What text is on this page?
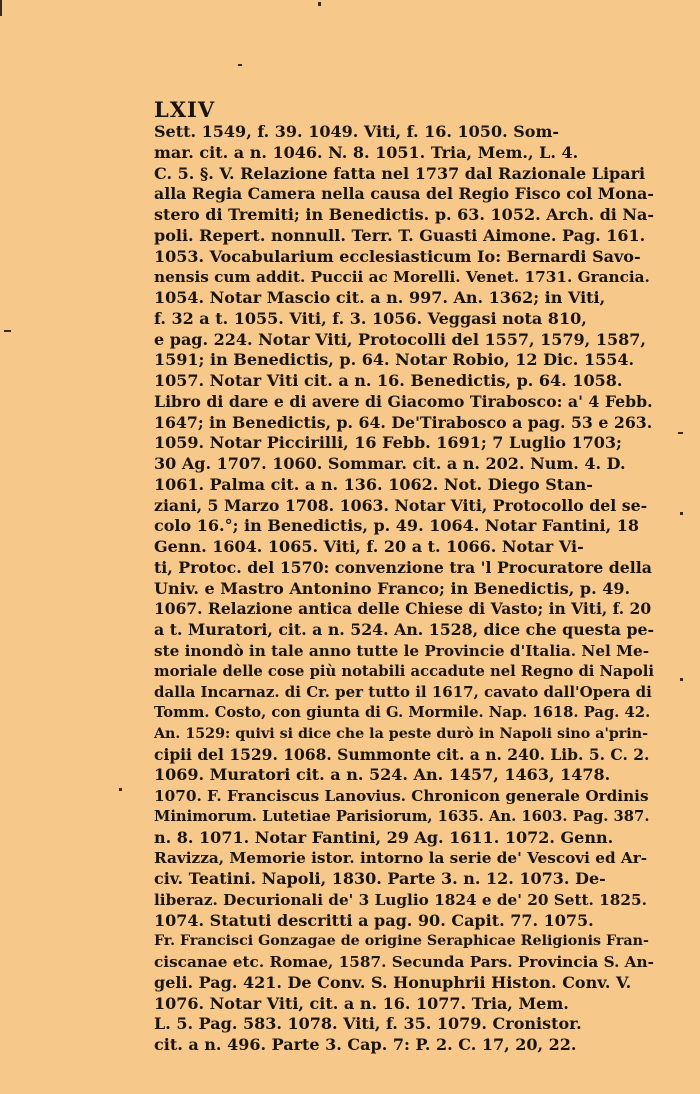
LXIV
Sett. 1549, f. 39. 1049. Viti, f. 16. 1050. Som-
mar. cit. a n. 1046. N. 8. 1051. Tria, Mem., L. 4.
C. 5. §. V. Relazione fatta nel 1737 dal Razionale Lipari
alla Regia Camera nella causa del Regio Fisco col Mona-
stero di Tremiti; in Benedictis. p. 63. 1052. Arch. di Na-
poli. Repert. nonnull. Terr. T. Guasti Aimone. Pag. 161.
1053. Vocabularium ecclesiasticum Io: Bernardi Savo-
nensis cum addit. Puccii ac Morelli. Venet. 1731. Grancia.
1054. Notar Mascio cit. a n. 997. An. 1362; in Viti,
f. 32 a t. 1055. Viti, f. 3. 1056. Veggasi nota 810,
e pag. 224. Notar Viti, Protocolli del 1557, 1579, 1587,
1591; in Benedictis, p. 64. Notar Robio, 12 Dic. 1554.
1057. Notar Viti cit. a n. 16. Benedictis, p. 64. 1058.
Libro di dare e di avere di Giacomo Tirabosco: a' 4 Febb.
1647; in Benedictis, p. 64. De'Tirabosco a pag. 53 e 263.
1059. Notar Piccirilli, 16 Febb. 1691; 7 Luglio 1703;
30 Ag. 1707. 1060. Sommar. cit. a n. 202. Num. 4. D.
1061. Palma cit. a n. 136. 1062. Not. Diego Stan-
ziani, 5 Marzo 1708. 1063. Notar Viti, Protocollo del se-
colo 16.°; in Benedictis, p. 49. 1064. Notar Fantini, 18
Genn. 1604. 1065. Viti, f. 20 a t. 1066. Notar Vi-
ti, Protoc. del 1570: convenzione tra 'l Procuratore della
Univ. e Mastro Antonino Franco; in Benedictis, p. 49.
1067. Relazione antica delle Chiese di Vasto; in Viti, f. 20
a t. Muratori, cit. a n. 524. An. 1528, dice che questa pe-
ste inondò in tale anno tutte le Provincie d'Italia. Nel Me-
moriale delle cose più notabili accadute nel Regno di Napoli
dalla Incarnaz. di Cr. per tutto il 1617, cavato dall'Opera di
Tomm. Costo, con giunta di G. Mormile. Nap. 1618. Pag. 42.
An. 1529: quivi si dice che la peste durò in Napoli sino a'prin-
cipii del 1529. 1068. Summonte cit. a n. 240. Lib. 5. C. 2.
1069. Muratori cit. a n. 524. An. 1457, 1463, 1478.
1070. F. Franciscus Lanovius. Chronicon generale Ordinis
Minimorum. Lutetiae Parisiorum, 1635. An. 1603. Pag. 387.
n. 8. 1071. Notar Fantini, 29 Ag. 1611. 1072. Genn.
Ravizza, Memorie istor. intorno la serie de' Vescovi ed Ar-
civ. Teatini. Napoli, 1830. Parte 3. n. 12. 1073. De-
liberaz. Decurionali de' 3 Luglio 1824 e de' 20 Sett. 1825.
1074. Statuti descritti a pag. 90. Capit. 77. 1075.
Fr. Francisci Gonzagae de origine Seraphicae Religionis Fran-
ciscanae etc. Romae, 1587. Secunda Pars. Provincia S. An-
geli. Pag. 421. De Conv. S. Honuphrii Histon. Conv. V.
1076. Notar Viti, cit. a n. 16. 1077. Tria, Mem.
L. 5. Pag. 583. 1078. Viti, f. 35. 1079. Cronistor.
cit. a n. 496. Parte 3. Cap. 7: P. 2. C. 17, 20, 22.
